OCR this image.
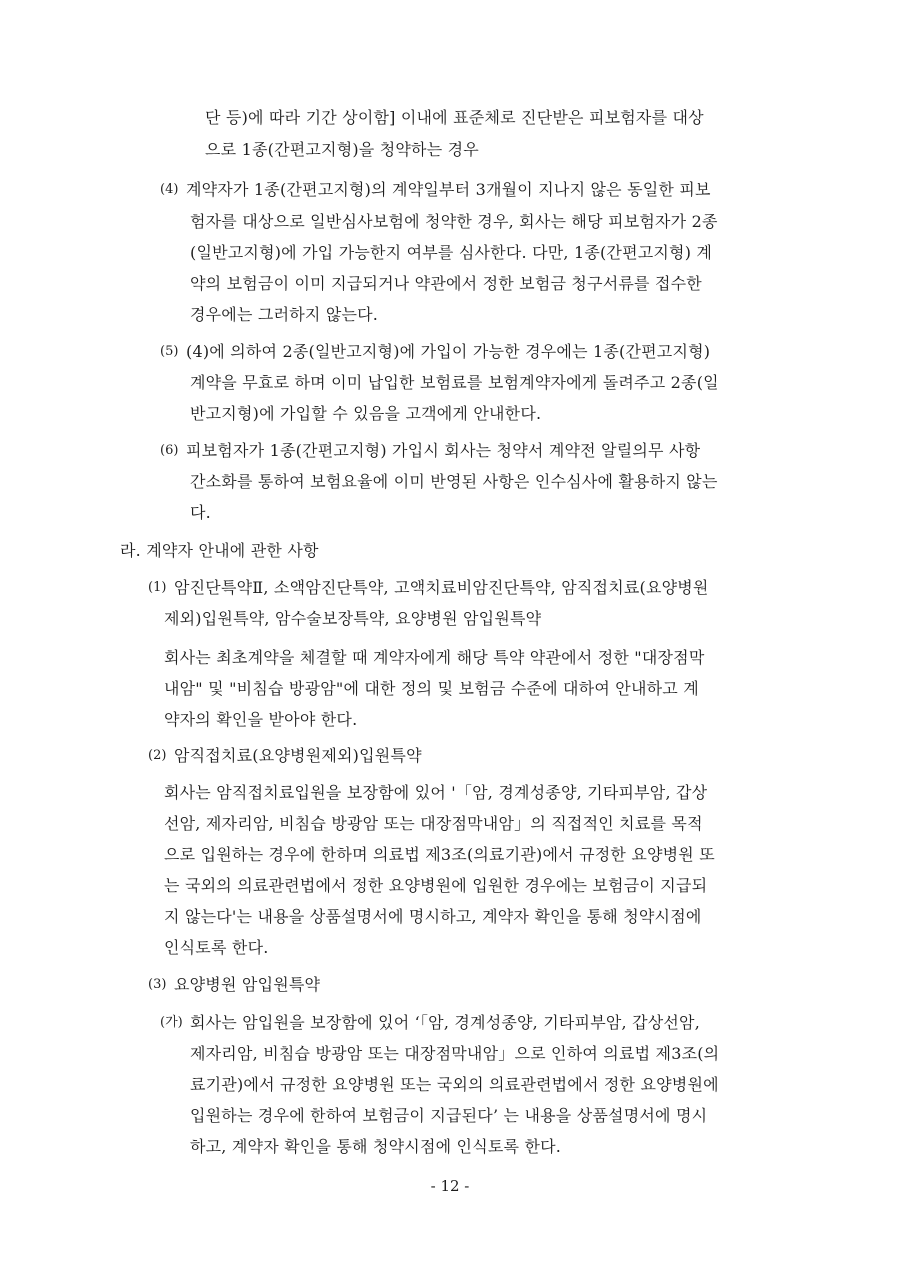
단 등)에 따라 기간 상이함] 이내에 표준체로 진단받은 피보험자를 대상
으로 1종(간편고지형)을 청약하는 경우
(4) 계약자가 1종(간편고지형)의 계약일부터 3개월이 지나지 않은 동일한 피보
험자를 대상으로 일반심사보험에 청약한 경우, 회사는 해당 피보험자가 2종
(일반고지형)에 가입 가능한지 여부를 심사한다. 다만, 1종(간편고지형) 계
약의 보험금이 이미 지급되거나 약관에서 정한 보험금 청구서류를 접수한
경우에는 그러하지 않는다.
(5) (4)에 의하여 2종(일반고지형)에 가입이 가능한 경우에는 1종(간편고지형)
계약을 무효로 하며 이미 납입한 보험료를 보험계약자에게 돌려주고 2종(일
반고지형)에 가입할 수 있음을 고객에게 안내한다.
(6) 피보험자가 1종(간편고지형) 가입시 회사는 청약서 계약전 알릴의무 사항
간소화를 통하여 보험요율에 이미 반영된 사항은 인수심사에 활용하지 않는
다.
라. 계약자 안내에 관한 사항
(1) 암진단특약Ⅱ, 소액암진단특약, 고액치료비암진단특약, 암직접치료(요양병원
제외)입원특약, 암수술보장특약, 요양병원 암입원특약
회사는 최초계약을 체결할 때 계약자에게 해당 특약 약관에서 정한 "대장점막
내암" 및 "비침습 방광암"에 대한 정의 및 보험금 수준에 대하여 안내하고 계
약자의 확인을 받아야 한다.
(2) 암직접치료(요양병원제외)입원특약
회사는 암직접치료입원을 보장함에 있어 '「암, 경계성종양, 기타피부암, 갑상
선암, 제자리암, 비침습 방광암 또는 대장점막내암」의 직접적인 치료를 목적
으로 입원하는 경우에 한하며 의료법 제3조(의료기관)에서 규정한 요양병원 또
는 국외의 의료관련법에서 정한 요양병원에 입원한 경우에는 보험금이 지급되
지 않는다'는 내용을 상품설명서에 명시하고, 계약자 확인을 통해 청약시점에
인식토록 한다.
(3) 요양병원 암입원특약
(가) 회사는 암입원을 보장함에 있어 ‘「암, 경계성종양, 기타피부암, 갑상선암,
제자리암, 비침습 방광암 또는 대장점막내암」으로 인하여 의료법 제3조(의
료기관)에서 규정한 요양병원 또는 국외의 의료관련법에서 정한 요양병원에
입원하는 경우에 한하여 보험금이 지급된다’ 는 내용을 상품설명서에 명시
하고, 계약자 확인을 통해 청약시점에 인식토록 한다.
- 12 -
